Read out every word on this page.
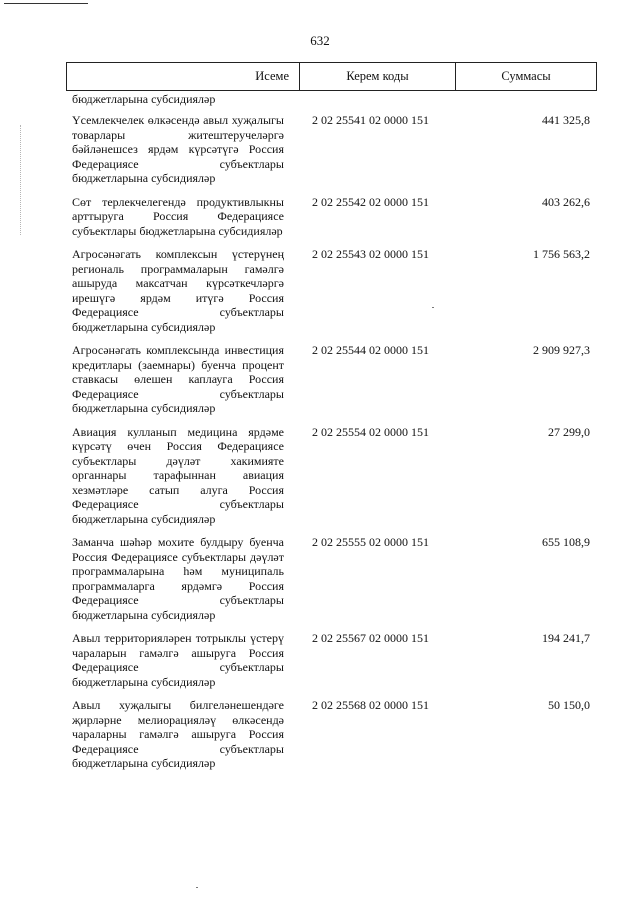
632
Исеме	Керем коды	Суммасы
бюджетларына субсидияләр
Үсемлекчелек өлкәсендә авыл хуҗалыгы товарлары житештеручеләргә бәйләнешсез ярдәм күрсәтүгә Россия Федерациясе субъектлары бюджетларына субсидияләр
2 02 25541 02 0000 151	441 325,8
Сөт терлекчелегендә продуктивлыкны арттыруга Россия Федерациясе субъектлары бюджетларына субсидияләр
2 02 25542 02 0000 151	403 262,6
Агросәнәгать комплексын үстерүнең региональ программаларын гамәлгә ашыруда максатчан күрсәткечләргә ирешүгә ярдәм итүгә Россия Федерациясе субъектлары бюджетларына субсидияләр
2 02 25543 02 0000 151	1 756 563,2
Агросәнәгать комплексында инвестиция кредитлары (заемнары) буенча процент ставкасы өлешен каплауга Россия Федерациясе субъектлары бюджетларына субсидияләр
2 02 25544 02 0000 151	2 909 927,3
Авиация кулланып медицина ярдәме күрсәтү өчен Россия Федерациясе субъектлары дәүләт хакимияте органнары тарафыннан авиация хезмәтләре сатып алуга Россия Федерациясе субъектлары бюджетларына субсидияләр
2 02 25554 02 0000 151	27 299,0
Заманча шәһәр мохите булдыру буенча Россия Федерациясе субъектлары дәүләт программаларына һәм муниципаль программаларга ярдәмгә Россия Федерациясе субъектлары бюджетларына субсидияләр
2 02 25555 02 0000 151	655 108,9
Авыл территорияләрен тотрыклы үстерү чараларын гамәлгә ашыруга Россия Федерациясе субъектлары бюджетларына субсидияләр
2 02 25567 02 0000 151	194 241,7
Авыл хуҗалыгы билгеләнешендәге җирләрне мелиорацияләү өлкәсендә чараларны гамәлгә ашыруга Россия Федерациясе субъектлары бюджетларына субсидияләр
2 02 25568 02 0000 151	50 150,0
